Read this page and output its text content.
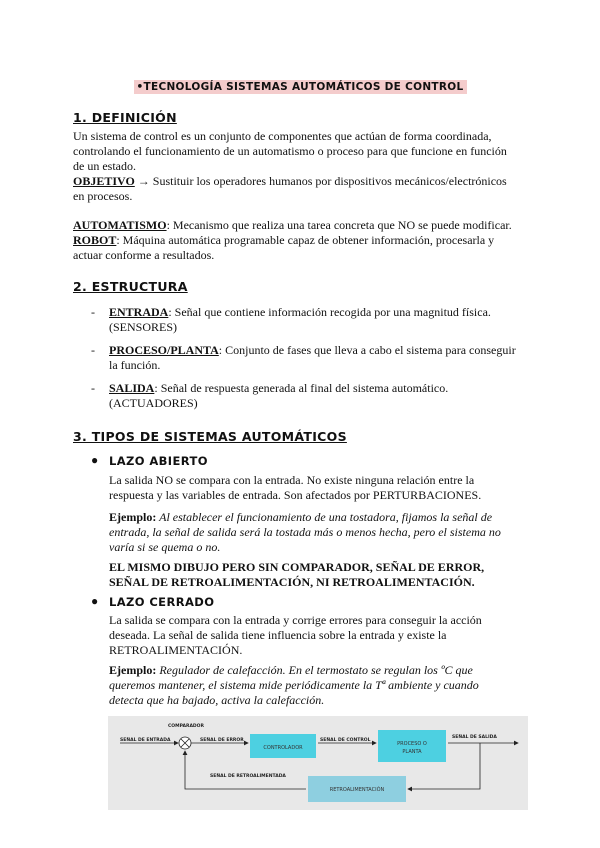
•TECNOLOGÍA SISTEMAS AUTOMÁTICOS DE CONTROL
1. DEFINICIÓN

Un sistema de control es un conjunto de componentes que actúan de forma coordinada,

controlando el funcionamiento de un automatismo o proceso para que funcione en función

de un estado.

OBJETIVO → Sustituir los operadores humanos por dispositivos mecánicos/electrónicos

en procesos.

AUTOMATISMO: Mecanismo que realiza una tarea concreta que NO se puede modificar.

ROBOT: Máquina automática programable capaz de obtener información, procesarla y

actuar conforme a resultados.

2. ESTRUCTURA
- ENTRADA: Señal que contiene información recogida por una magnitud física.

(SENSORES)

- PROCESO/PLANTA: Conjunto de fases que lleva a cabo el sistema para conseguir

la función.

- SALIDA: Señal de respuesta generada al final del sistema automático.

(ACTUADORES)

3. TIPOS DE SISTEMAS AUTOMÁTICOS
● LAZO ABIERTO

La salida NO se compara con la entrada. No existe ninguna relación entre la

respuesta y las variables de entrada. Son afectados por PERTURBACIONES.

Ejemplo: Al establecer el funcionamiento de una tostadora, fijamos la señal de

entrada, la señal de salida será la tostada más o menos hecha, pero el sistema no

varía si se quema o no.

EL MISMO DIBUJO PERO SIN COMPARADOR, SEÑAL DE ERROR,

SEÑAL DE RETROALIMENTACIÓN, NI RETROALIMENTACIÓN.

● LAZO CERRADO

La salida se compara con la entrada y corrige errores para conseguir la acción

deseada. La señal de salida tiene influencia sobre la entrada y existe la

RETROALIMENTACIÓN.

Ejemplo: Regulador de calefacción. En el termostato se regulan los ºC que

queremos mantener, el sistema mide periódicamente la Tª ambiente y cuando

detecta que ha bajado, activa la calefacción.

COMPARADOR
SEÑAL DE ENTRADA	SEÑAL DE ERROR	SEÑAL DE CONTROL
SEÑAL DE SALIDA
SEÑAL DE RETROALIMENTADA
CONTROLADOR
PROCESO O
PLANTA
RETROALIMENTACIÓN
